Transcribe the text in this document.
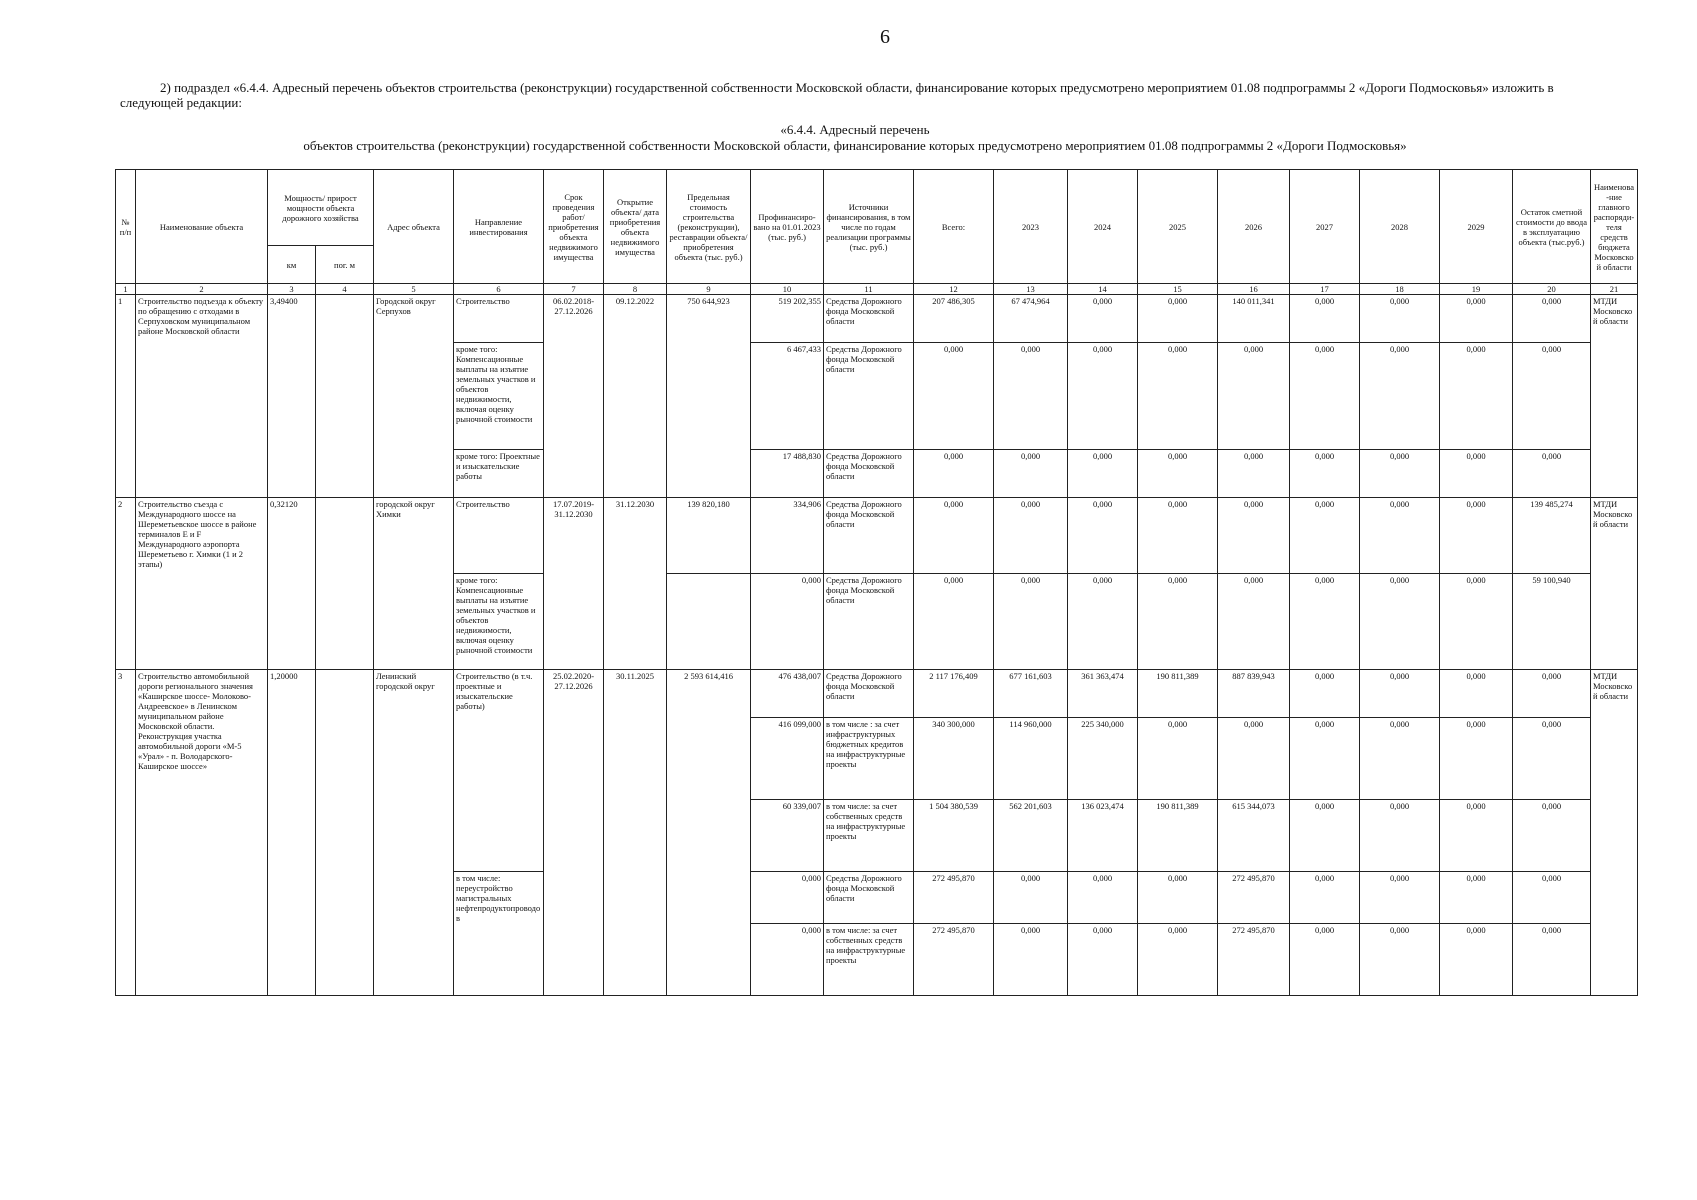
6
2) подраздел «6.4.4. Адресный перечень объектов строительства (реконструкции) государственной собственности Московской области, финансирование которых предусмотрено мероприятием 01.08 подпрограммы 2 «Дороги Подмосковья» изложить в следующей редакции:
«6.4.4. Адресный перечень
объектов строительства (реконструкции) государственной собственности Московской области, финансирование которых предусмотрено мероприятием 01.08 подпрограммы 2 «Дороги Подмосковья»
№ п/п	Наименование объекта	Мощность/ прирост мощности объекта дорожного хозяйства		Адрес объекта	Направление инвестирования	Срок проведения работ/ приобретения объекта недвижимого имущества	Открытие объекта/ дата приобретения объекта недвижимого имущества	Предельная стоимость строительства (реконструкции), реставрации объекта/ приобретения объекта (тыс. руб.)	Профинансиро-вано на 01.01.2023 (тыс. руб.)	Источники финансирования, в том числе по годам реализации программы (тыс. руб.)	Всего:	2023	2024	2025	2026	2027	2028	2029	Остаток сметной стоимости до ввода в эксплуатацию объекта (тыс.руб.)	Наименова-ние главного распоряди-теля средств бюджета Московской области
		км	пог. м																	
1	2	3	4	5	6	7	8	9	10	11	12	13	14	15	16	17	18	19	20	21
1	Строительство подъезда к объекту по обращению с отходами в Серпуховском муниципальном районе Московской области	3,49400		Городской округ Серпухов	Строительство	06.02.2018-27.12.2026	09.12.2022	750 644,923	519 202,355	Средства Дорожного фонда Московской области	207 486,305	67 474,964	0,000	0,000	140 011,341	0,000	0,000	0,000	0,000	МТДИ Московской области
					кроме того: Компенсационные выплаты на изъятие земельных участков и объектов недвижимости, включая оценку рыночной стоимости				6 467,433	Средства Дорожного фонда Московской области	0,000	0,000	0,000	0,000	0,000	0,000	0,000	0,000	0,000	
					кроме того: Проектные и изыскательские работы				17 488,830	Средства Дорожного фонда Московской области	0,000	0,000	0,000	0,000	0,000	0,000	0,000	0,000	0,000	
2	Строительство съезда с Международного шоссе на Шереметьевское шоссе в районе терминалов E и F Международного аэропорта Шереметьево г. Химки (1 и 2 этапы)	0,32120		городской округ Химки	Строительство	17.07.2019-31.12.2030	31.12.2030	139 820,180	334,906	Средства Дорожного фонда Московской области	0,000	0,000	0,000	0,000	0,000	0,000	0,000	0,000	139 485,274	МТДИ Московской области
					кроме того: Компенсационные выплаты на изъятие земельных участков и объектов недвижимости, включая оценку рыночной стоимости				0,000	Средства Дорожного фонда Московской области	0,000	0,000	0,000	0,000	0,000	0,000	0,000	0,000	59 100,940	
3	Строительство автомобильной дороги регионального значения «Каширское шоссе- Молоково-Андреевское» в Ленинском муниципальном районе Московской области. Реконструкция участка автомобильной дороги «М-5 «Урал» - п. Володарского-Каширское шоссе»	1,20000		Ленинский городской округ	Строительство (в т.ч. проектные и изыскательские работы)	25.02.2020-27.12.2026	30.11.2025	2 593 614,416	476 438,007	Средства Дорожного фонда Московской области	2 117 176,409	677 161,603	361 363,474	190 811,389	887 839,943	0,000	0,000	0,000	0,000	МТДИ Московской области
									416 099,000	в том числе : за счет инфраструктурных бюджетных кредитов на инфраструктурные проекты	340 300,000	114 960,000	225 340,000	0,000	0,000	0,000	0,000	0,000	0,000	
									60 339,007	в том числе: за счет собственных средств на инфраструктурные проекты	1 504 380,539	562 201,603	136 023,474	190 811,389	615 344,073	0,000	0,000	0,000	0,000	
					в том числе: переустройство магистральных нефтепродуктопроводов				0,000	Средства Дорожного фонда Московской области	272 495,870	0,000	0,000	0,000	272 495,870	0,000	0,000	0,000	0,000	
									0,000	в том числе: за счет собственных средств на инфраструктурные проекты	272 495,870	0,000	0,000	0,000	272 495,870	0,000	0,000	0,000	0,000	
